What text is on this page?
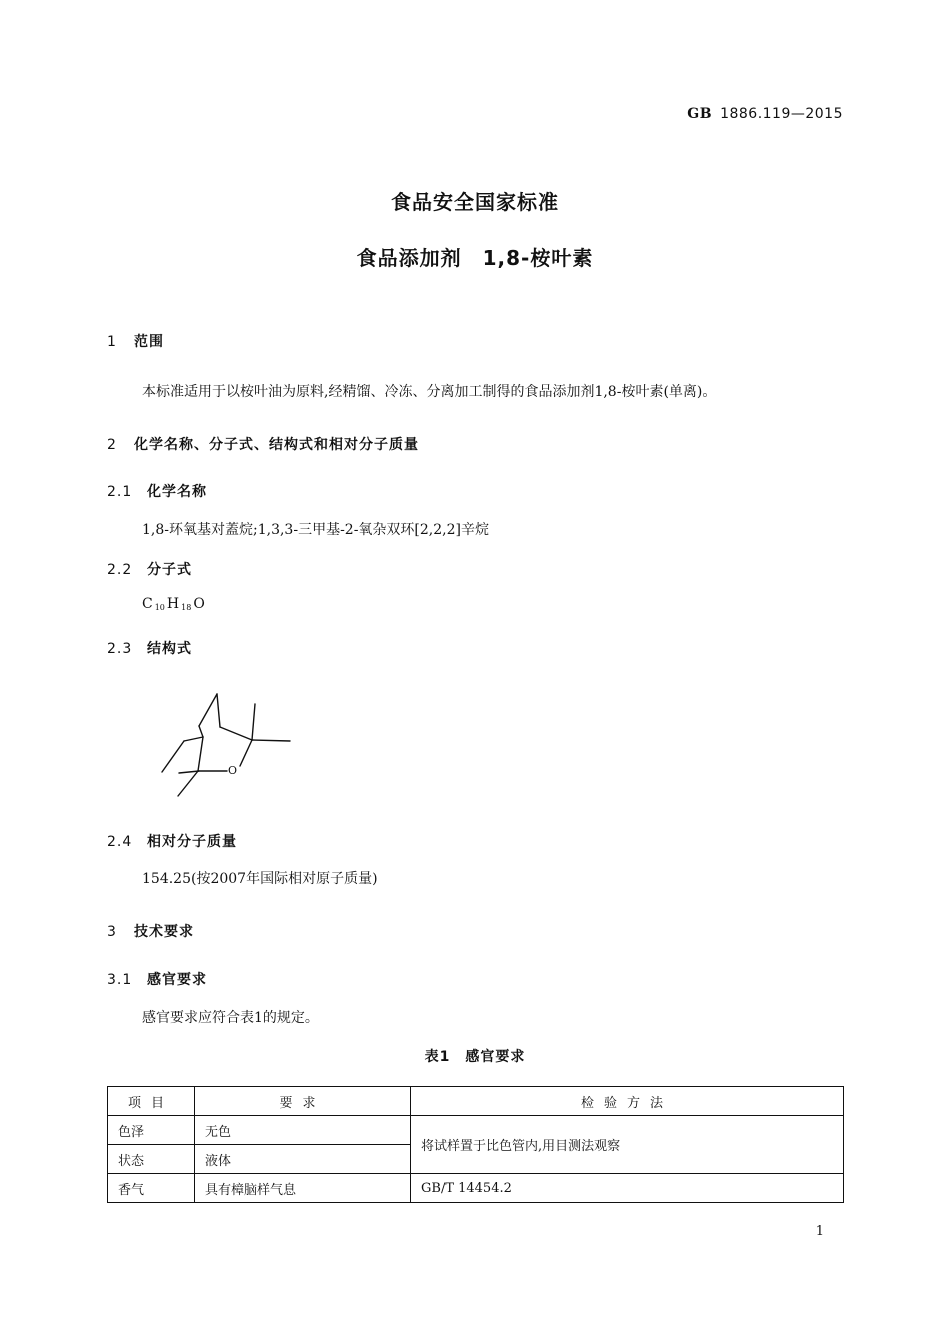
GB 1886.119—2015
食品安全国家标准
食品添加剂　1,8-桉叶素
1 范围
本标准适用于以桉叶油为原料,经精馏、冷冻、分离加工制得的食品添加剂1,8-桉叶素(单离)。
2 化学名称、分子式、结构式和相对分子质量
2.1 化学名称
1,8-环氧基对蓋烷;1,3,3-三甲基-2-氧杂双环[2,2,2]辛烷
2.2 分子式
C $_{10}$ H $_{18}$ O
2.3 结构式
O
2.4 相对分子质量
154.25(按2007年国际相对原子质量)
3 技术要求
3.1 感官要求
感官要求应符合表1的规定。
表1　感官要求
项目	要求	检验方法
色泽	无色	将试样置于比色管内,用目测法观察
状态	液体	
香气	具有樟脑样气息	GB/T 14454.2
1
